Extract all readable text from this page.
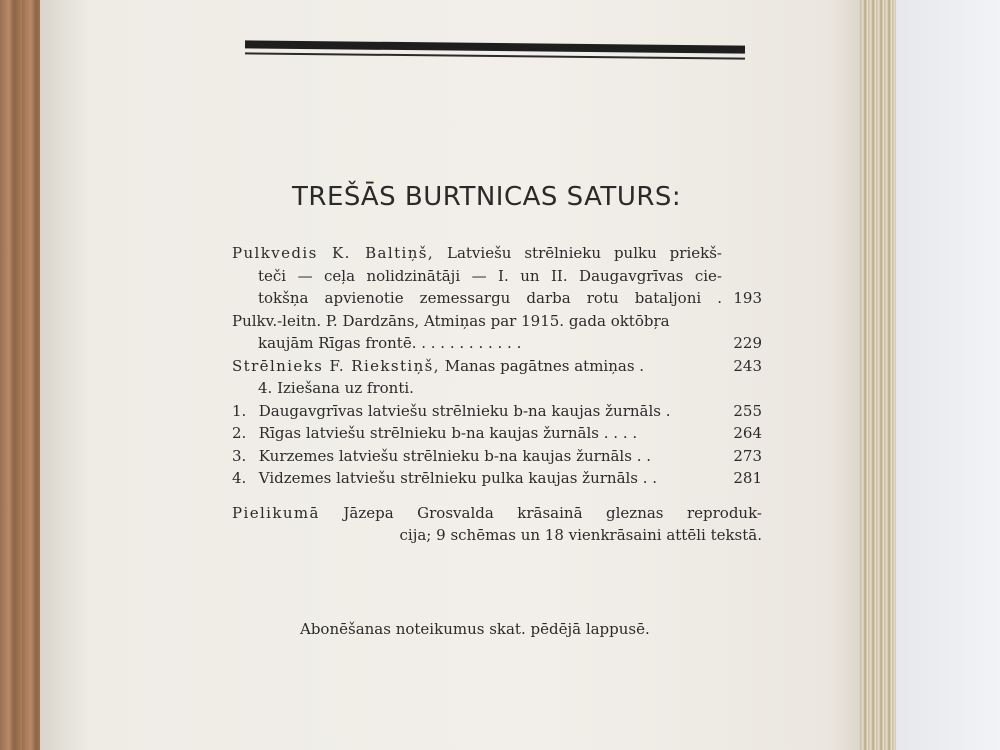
TREŠĀS BURTNICAS SATURS:
Pulkvedis K. Baltiņš, Latviešu strēlnieku pulku priekš-
teči — ceļa nolidzinātāji — I. un II. Daugavgrīvas cie-
tokšņa apvienotie zemessargu darba rotu bataljoni . 193
Pulkv.-leitn. P. Dardzāns, Atmiņas par 1915. gada oktōbŗa
kaujām Rīgas frontē. . . . . . . . . . . .	229
Strēlnieks F. Riekstiņš, Manas pagātnes atmiņas .	243
4. Iziešana uz fronti.
1. Daugavgrīvas latviešu strēlnieku b-na kaujas žurnāls .	255
2. Rīgas latviešu strēlnieku b-na kaujas žurnāls . . . .	264
3. Kurzemes latviešu strēlnieku b-na kaujas žurnāls . .	273
4. Vidzemes latviešu strēlnieku pulka kaujas žurnāls . .	281
Pielikumā Jāzepa Grosvalda krāsainā gleznas reproduk-
cija; 9 schēmas un 18 vienkrāsaini attēli tekstā.
Abonēšanas noteikumus skat. pēdējā lappusē.
